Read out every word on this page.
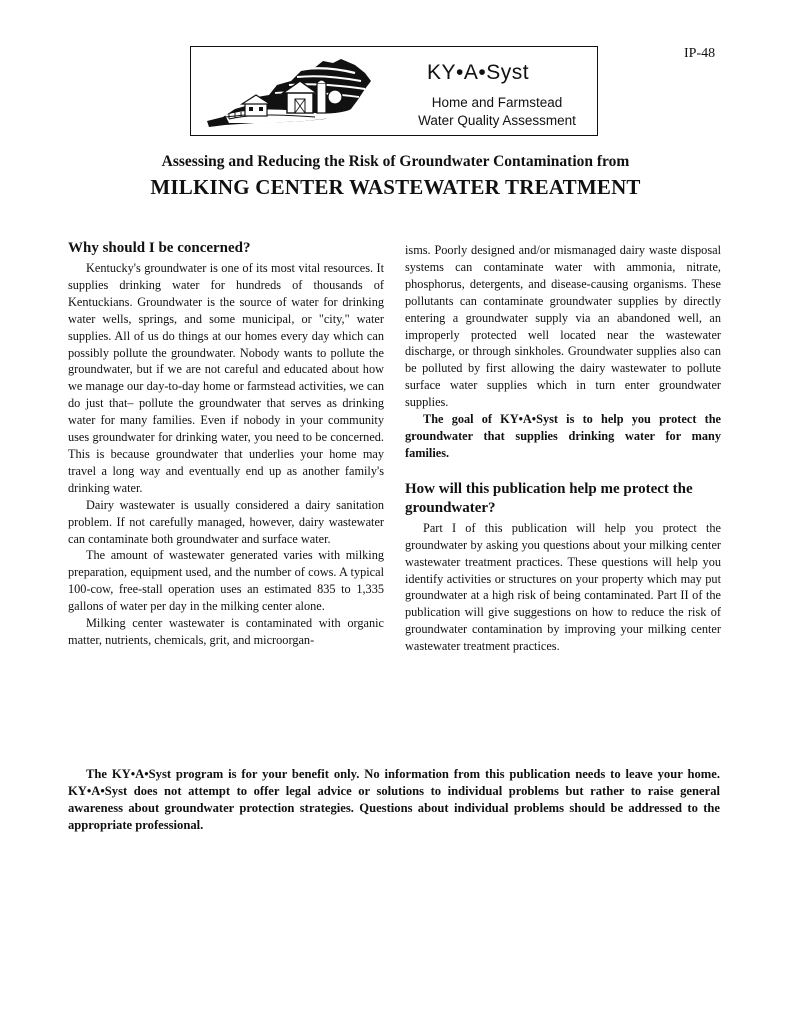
IP-48
KY•A•Syst
Home and Farmstead
Water Quality Assessment

Assessing and Reducing the Risk of Groundwater Contamination from

MILKING CENTER WASTEWATER TREATMENT
Why should I be concerned?

Kentucky's groundwater is one of its most vital resources. It supplies drinking water for hundreds of thousands of Kentuckians. Groundwater is the source of water for drinking water wells, springs, and some municipal, or "city," water supplies. All of us do things at our homes every day which can possibly pollute the groundwater. Nobody wants to pollute the groundwater, but if we are not careful and educated about how we manage our day-to-day home or farmstead activities, we can do just that– pollute the groundwater that serves as drinking water for many families. Even if nobody in your community uses groundwater for drinking water, you need to be concerned. This is because groundwater that underlies your home may travel a long way and eventually end up as another family's drinking water.

Dairy wastewater is usually considered a dairy sanitation problem. If not carefully managed, however, dairy wastewater can contaminate both groundwater and surface water.

The amount of wastewater generated varies with milking preparation, equipment used, and the number of cows. A typical 100-cow, free-stall operation uses an estimated 835 to 1,335 gallons of water per day in the milking center alone.

Milking center wastewater is contaminated with organic matter, nutrients, chemicals, grit, and microorgan-

isms. Poorly designed and/or mismanaged dairy waste disposal systems can contaminate water with ammonia, nitrate, phosphorus, detergents, and disease-causing organisms. These pollutants can contaminate groundwater supplies by directly entering a groundwater supply via an abandoned well, an improperly protected well located near the wastewater discharge, or through sinkholes. Groundwater supplies also can be polluted by first allowing the dairy wastewater to pollute surface water supplies which in turn enter groundwater supplies.

The goal of KY•A•Syst is to help you protect the groundwater that supplies drinking water for many families.

How will this publication help me protect the groundwater?

Part I of this publication will help you protect the groundwater by asking you questions about your milking center wastewater treatment practices. These questions will help you identify activities or structures on your property which may put groundwater at a high risk of being contaminated. Part II of the publication will give suggestions on how to reduce the risk of groundwater contamination by improving your milking center wastewater treatment practices.

The KY•A•Syst program is for your benefit only. No information from this publication needs to leave your home. KY•A•Syst does not attempt to offer legal advice or solutions to individual problems but rather to raise general awareness about groundwater protection strategies. Questions about individual problems should be addressed to the appropriate professional.
